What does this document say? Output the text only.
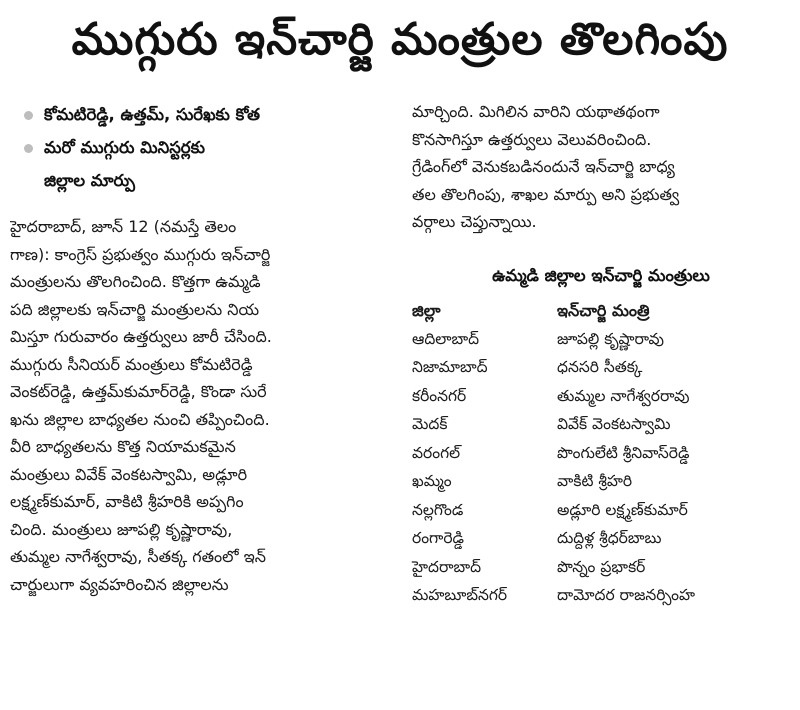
ముగ్గురు ఇన్‌చార్జి మంత్రుల తొలగింపు
కోమటిరెడ్డి, ఉత్తమ్, సురేఖకు కోత
మరో ముగ్గురు మినిస్టర్లకు
జిల్లాల మార్పు
హైదరాబాద్, జూన్ 12 (నమస్తే తెలం
గాణ): కాంగ్రెస్ ప్రభుత్వం ముగ్గురు ఇన్‌చార్జి
మంత్రులను తొలగించింది. కొత్తగా ఉమ్మడి
పది జిల్లాలకు ఇన్‌చార్జి మంత్రులను నియ
మిస్తూ గురువారం ఉత్తర్వులు జారీ చేసింది.
ముగ్గురు సీనియర్ మంత్రులు కోమటిరెడ్డి
వెంకట్‌రెడ్డి, ఉత్తమ్‌కుమార్‌రెడ్డి, కొండా సురే
ఖను జిల్లాల బాధ్యతల నుంచి తప్పించింది.
వీరి బాధ్యతలను కొత్త నియామకమైన
మంత్రులు వివేక్ వెంకటస్వామి, అడ్లూరి
లక్ష్మణ్‌కుమార్, వాకిటి శ్రీహరికి అప్పగిం
చింది. మంత్రులు జూపల్లి కృష్ణారావు,
తుమ్మల నాగేశ్వరావు, సీతక్క గతంలో ఇన్
చార్జులుగా వ్యవహరించిన జిల్లాలను
మార్చింది. మిగిలిన వారిని యథాతథంగా
కొనసాగిస్తూ ఉత్తర్వులు వెలువరించింది.
గ్రేడింగ్‌లో వెనుకబడినందునే ఇన్‌చార్జి బాధ్య
తల తొలగింపు, శాఖల మార్పు అని ప్రభుత్వ
వర్గాలు చెప్తున్నాయి.
ఉమ్మడి జిల్లాల ఇన్‌చార్జి మంత్రులు
జిల్లా	ఇన్‌చార్జి మంత్రి
ఆదిలాబాద్	జూపల్లి కృష్ణారావు
నిజామాబాద్	ధనసరి సీతక్క
కరీంనగర్	తుమ్మల నాగేశ్వరరావు
మెదక్	వివేక్ వెంకటస్వామి
వరంగల్	పొంగులేటి శ్రీనివాస్‌రెడ్డి
ఖమ్మం	వాకిటి శ్రీహరి
నల్లగొండ	అడ్లూరి లక్ష్మణ్‌కుమార్
రంగారెడ్డి	దుద్దిళ్ల శ్రీధర్‌బాబు
హైదరాబాద్	పొన్నం ప్రభాకర్
మహబూబ్‌నగర్	దామోదర రాజనర్సింహ
